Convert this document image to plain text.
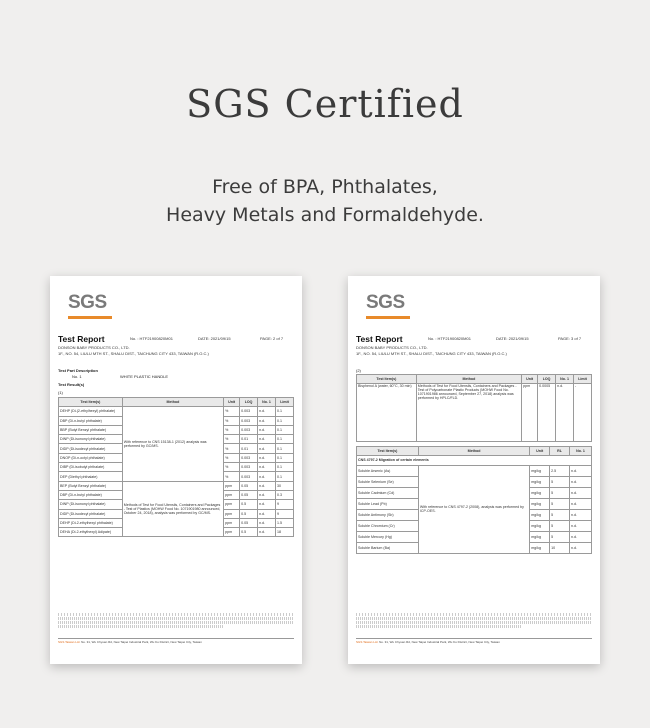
SGS Certified
Free of BPA, Phthalates,
Heavy Metals and Formaldehyde.
SGS
Test Report	No. : HTF21900820M01	DATE: 2021/09/15	PAGE: 2 of 7
DONSON BABY PRODUCTS CO., LTD.
1F., NO. 54, LIULU MTH ST., SHALU DIST., TAICHUNG CITY 433, TAIWAN (R.O.C.)
Test Part Description
No. 1	WHITE PLASTIC HANDLE
Test Result(s)
(1)
Test Item(s)	Method	Unit	LOQ	No. 1	Limit
DEHP (Di-(2-ethylhexyl) phthalate)	With reference to CNS 15138-1 (2012) analysis was performed by GC/MS.	%	0.003	n.d.	0.1
DBP (Di-n-butyl phthalate)		%	0.003	n.d.	0.1
BBP (Butyl Benzyl phthalate)		%	0.003	n.d.	0.1
DINP (Di-isononyl phthalate)		%	0.01	n.d.	0.1
DIDP (Di-isodecyl phthalate)		%	0.01	n.d.	0.1
DNOP (Di-n-octyl phthalate)		%	0.003	n.d.	0.1
DIBP (Di-isobutyl phthalate)		%	0.003	n.d.	0.1
DEP (Diethyl phthalate)		%	0.003	n.d.	0.1
BEP (Butyl Benzyl phthalate)	Methods of Test for Food Utensils, Containers and Packages - Test of Plastics (MOHW Food No. 1071901980 announced, October 24, 2018), analysis was performed by GC/MS.	ppm	0.05	n.d.	30
DBP (Di-n-butyl phthalate)		ppm	0.05	n.d.	0.3
DINP (Di-isononyl phthalate)		ppm	0.5	n.d.	9
DIDP (Di-isodecyl phthalate)		ppm	0.5	n.d.	9
DEHP (Di-2-ethylhexyl phthalate)		ppm	0.05	n.d.	1.5
DEHA (Di-2-ethylhexyl) Adipate)		ppm	0.5	n.d.	18
SGS Taiwan Ltd. No. 31, Wu Chyuan Rd, New Taipei Industrial Park, Wu Ku District, New Taipei City, Taiwan
SGS
Test Report	No. : HTF21900820M01	DATE: 2021/09/15	PAGE: 3 of 7
DONSON BABY PRODUCTS CO., LTD.
1F., NO. 54, LIULU MTH ST., SHALU DIST., TAICHUNG CITY 433, TAIWAN (R.O.C.)
(2)
Test Item(s)	Method	Unit	LOQ	No. 1	Limit
Bisphenol A (water, 60°C, 30 min)	Methods of Test for Food Utensils, Containers and Packages - Test of Polycarbonate Plastic Products (MOHW Food No. 1071901986 announced, September 27, 2018) analysis was performed by HPLC/FLD.	ppm	0.0005	n.d.	-
Test Item(s)	Method	Unit	RL	No. 1
CNS 4797-2 Migration of certain elements				
Soluble Arsenic (As)	With reference to CNS 4797-2 (2008), analysis was performed by ICP-OES.	mg/kg	2.5	n.d.
Soluble Selenium (Se)		mg/kg	5	n.d.
Soluble Cadmium (Cd)		mg/kg	5	n.d.
Soluble Lead (Pb)		mg/kg	5	n.d.
Soluble Antimony (Sb)		mg/kg	5	n.d.
Soluble Chromium (Cr)		mg/kg	5	n.d.
Soluble Mercury (Hg)		mg/kg	5	n.d.
Soluble Barium (Ba)		mg/kg	10	n.d.
SGS Taiwan Ltd. No. 31, Wu Chyuan Rd, New Taipei Industrial Park, Wu Ku District, New Taipei City, Taiwan
